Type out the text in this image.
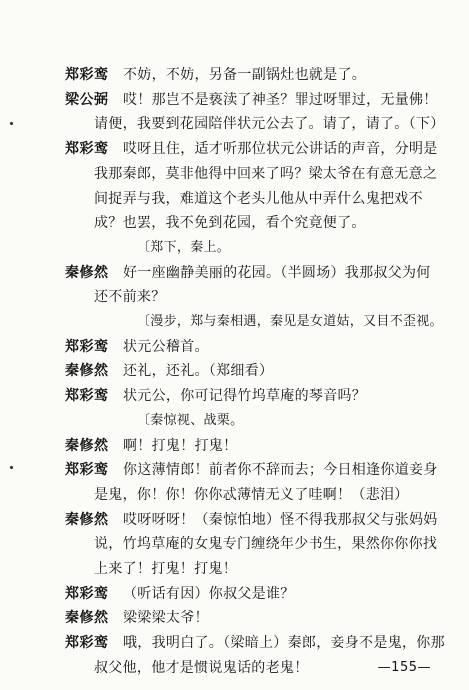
郑彩鸾 不妨，不妨，另备一副锅灶也就是了。
梁公弼 哎！那岂不是亵渎了神圣？罪过呀罪过，无量佛！
请便，我要到花园陪伴状元公去了。请了，请了。（下）
郑彩鸾 哎呀且住，适才听那位状元公讲话的声音，分明是
我那秦郎，莫非他得中回来了吗？梁太爷在有意无意之
间捉弄与我，难道这个老头儿他从中弄什么鬼把戏不
成？也罢，我不免到花园，看个究竟便了。
〔郑下，秦上。
秦修然 好一座幽静美丽的花园。（半圆场）我那叔父为何
还不前来？
〔漫步，郑与秦相遇，秦见是女道姑，又目不歪视。
郑彩鸾 状元公稽首。
秦修然 还礼，还礼。（郑细看）
郑彩鸾 状元公，你可记得竹坞草庵的琴音吗？
〔秦惊视、战栗。
秦修然 啊！打鬼！打鬼！
郑彩鸾 你这薄情郎！前者你不辞而去；今日相逢你道妾身
是鬼，你！你！你你忒薄情无义了哇啊！（悲泪）
秦修然 哎呀呀呀！（秦惊怕地）怪不得我那叔父与张妈妈
说，竹坞草庵的女鬼专门缠绕年少书生，果然你你你找
上来了！打鬼！打鬼！
郑彩鸾 （听话有因）你叔父是谁？
秦修然 梁梁梁太爷！
郑彩鸾 哦，我明白了。（梁暗上）秦郎，妾身不是鬼，你那
叔父他，他才是惯说鬼话的老鬼！	—155—
